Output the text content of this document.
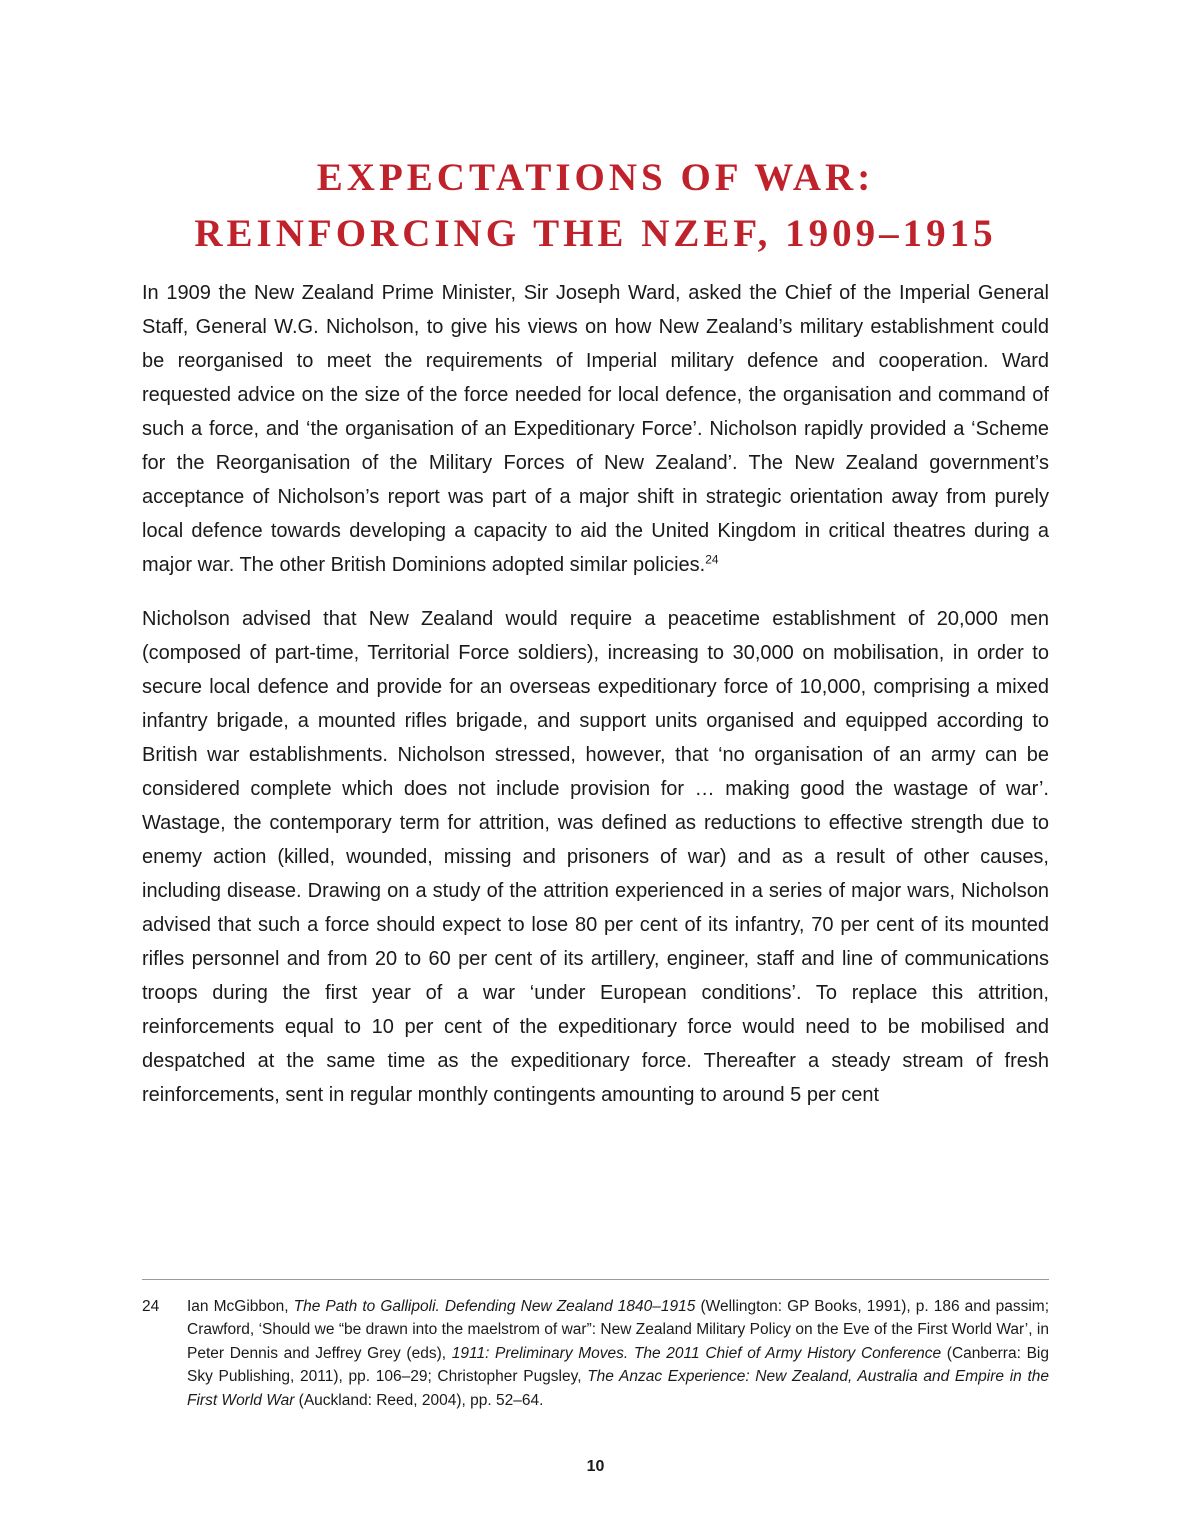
EXPECTATIONS OF WAR:
REINFORCING THE NZEF, 1909–1915

In 1909 the New Zealand Prime Minister, Sir Joseph Ward, asked the Chief of the Imperial General Staff, General W.G. Nicholson, to give his views on how New Zealand’s military establishment could be reorganised to meet the requirements of Imperial military defence and cooperation. Ward requested advice on the size of the force needed for local defence, the organisation and command of such a force, and ‘the organisation of an Expeditionary Force’. Nicholson rapidly provided a ‘Scheme for the Reorganisation of the Military Forces of New Zealand’. The New Zealand government’s acceptance of Nicholson’s report was part of a major shift in strategic orientation away from purely local defence towards developing a capacity to aid the United Kingdom in critical theatres during a major war. The other British Dominions adopted similar policies.$^{24}$

Nicholson advised that New Zealand would require a peacetime establishment of 20,000 men (composed of part-time, Territorial Force soldiers), increasing to 30,000 on mobilisation, in order to secure local defence and provide for an overseas expeditionary force of 10,000, comprising a mixed infantry brigade, a mounted rifles brigade, and support units organised and equipped according to British war establishments. Nicholson stressed, however, that ‘no organisation of an army can be considered complete which does not include provision for … making good the wastage of war’. Wastage, the contemporary term for attrition, was defined as reductions to effective strength due to enemy action (killed, wounded, missing and prisoners of war) and as a result of other causes, including disease. Drawing on a study of the attrition experienced in a series of major wars, Nicholson advised that such a force should expect to lose 80 per cent of its infantry, 70 per cent of its mounted rifles personnel and from 20 to 60 per cent of its artillery, engineer, staff and line of communications troops during the first year of a war ‘under European conditions’. To replace this attrition, reinforcements equal to 10 per cent of the expeditionary force would need to be mobilised and despatched at the same time as the expeditionary force. Thereafter a steady stream of fresh reinforcements, sent in regular monthly contingents amounting to around 5 per cent

24	Ian McGibbon, The Path to Gallipoli. Defending New Zealand 1840–1915 (Wellington: GP Books, 1991), p. 186 and passim; Crawford, ‘Should we “be drawn into the maelstrom of war”: New Zealand Military Policy on the Eve of the First World War’, in Peter Dennis and Jeffrey Grey (eds), 1911: Preliminary Moves. The 2011 Chief of Army History Conference (Canberra: Big Sky Publishing, 2011), pp. 106–29; Christopher Pugsley, The Anzac Experience: New Zealand, Australia and Empire in the First World War (Auckland: Reed, 2004), pp. 52–64.
10
